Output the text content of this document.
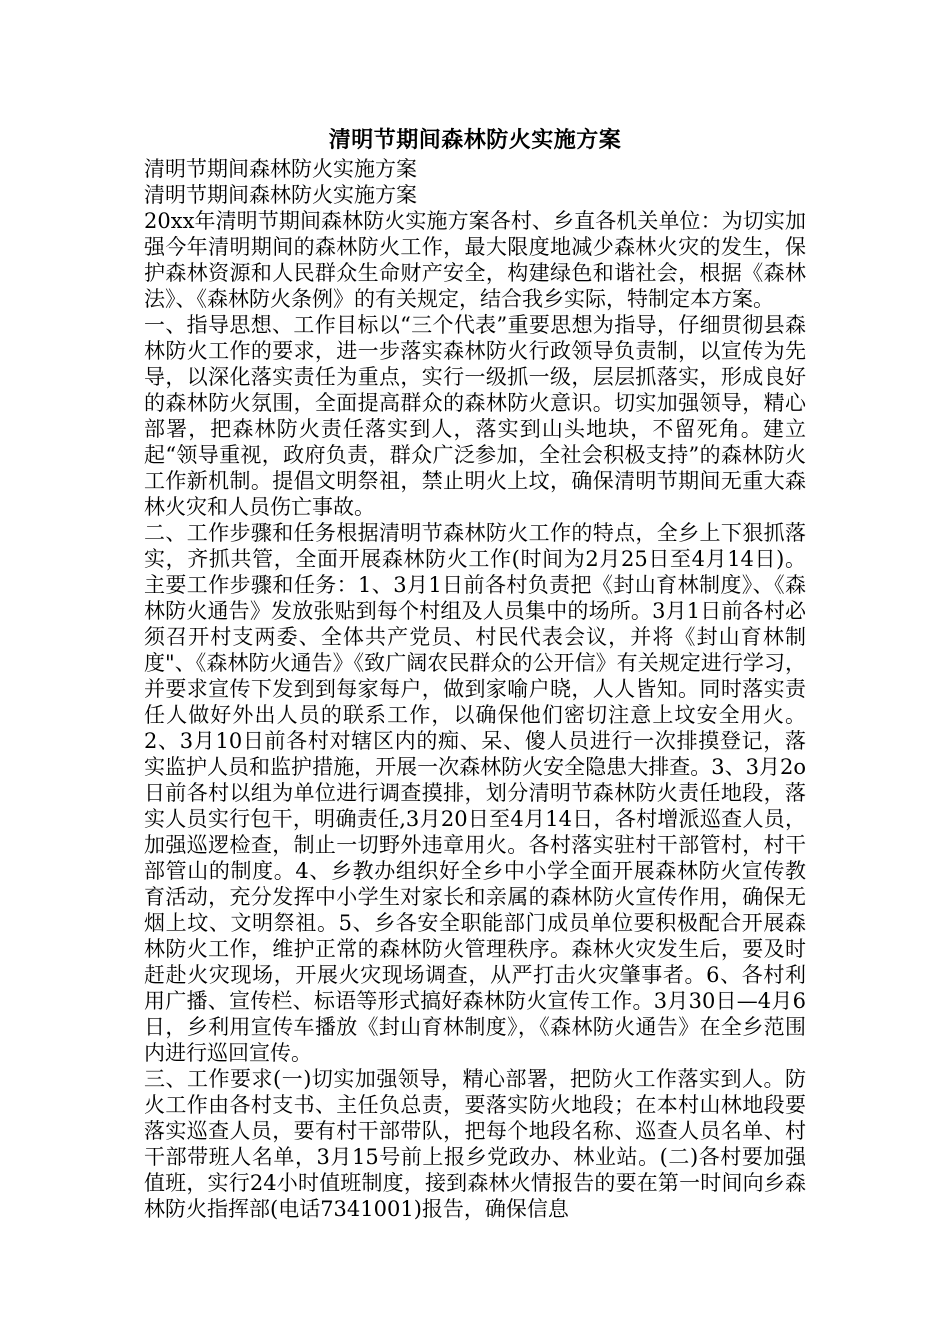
清明节期间森林防火实施方案

清明节期间森林防火实施方案

清明节期间森林防火实施方案

20xx年清明节期间森林防火实施方案各村、乡直各机关单位：为切实加强今年清明期间的森林防火工作，最大限度地减少森林火灾的发生，保护森林资源和人民群众生命财产安全，构建绿色和谐社会，根据《森林法》、《森林防火条例》的有关规定，结合我乡实际，特制定本方案。

一、指导思想、工作目标以“三个代表”重要思想为指导，仔细贯彻县森林防火工作的要求，进一步落实森林防火行政领导负责制，以宣传为先导，以深化落实责任为重点，实行一级抓一级，层层抓落实，形成良好的森林防火氛围，全面提高群众的森林防火意识。切实加强领导，精心部署，把森林防火责任落实到人，落实到山头地块，不留死角。建立起“领导重视，政府负责，群众广泛参加，全社会积极支持”的森林防火工作新机制。提倡文明祭祖，禁止明火上坟，确保清明节期间无重大森林火灾和人员伤亡事故。

二、工作步骤和任务根据清明节森林防火工作的特点，全乡上下狠抓落实，齐抓共管，全面开展森林防火工作(时间为2月25日至4月14日)。主要工作步骤和任务：1、3月1日前各村负责把《封山育林制度》、《森林防火通告》发放张贴到每个村组及人员集中的场所。3月1日前各村必须召开村支两委、全体共产党员、村民代表会议，并将《封山育林制度"、《森林防火通告》《致广阔农民群众的公开信》有关规定进行学习，并要求宣传下发到到每家每户，做到家喻户晓，人人皆知。同时落实责任人做好外出人员的联系工作，以确保他们密切注意上坟安全用火。2、3月10日前各村对辖区内的痴、呆、傻人员进行一次排摸登记，落实监护人员和监护措施，开展一次森林防火安全隐患大排查。3、3月2o日前各村以组为单位进行调查摸排，划分清明节森林防火责任地段，落实人员实行包干，明确责任,3月20日至4月14日，各村增派巡查人员，加强巡逻检查，制止一切野外违章用火。各村落实驻村干部管村，村干部管山的制度。4、乡教办组织好全乡中小学全面开展森林防火宣传教育活动，充分发挥中小学生对家长和亲属的森林防火宣传作用，确保无烟上坟、文明祭祖。5、乡各安全职能部门成员单位要积极配合开展森林防火工作，维护正常的森林防火管理秩序。森林火灾发生后，要及时赶赴火灾现场，开展火灾现场调查，从严打击火灾肇事者。6、各村利用广播、宣传栏、标语等形式搞好森林防火宣传工作。3月30日—4月6日，乡利用宣传车播放《封山育林制度》，《森林防火通告》在全乡范围内进行巡回宣传。

三、工作要求(一)切实加强领导，精心部署，把防火工作落实到人。防火工作由各村支书、主任负总责，要落实防火地段；在本村山林地段要落实巡查人员，要有村干部带队，把每个地段名称、巡查人员名单、村干部带班人名单，3月15号前上报乡党政办、林业站。(二)各村要加强值班，实行24小时值班制度，接到森林火情报告的要在第一时间向乡森林防火指挥部(电话7341001)报告，确保信息
